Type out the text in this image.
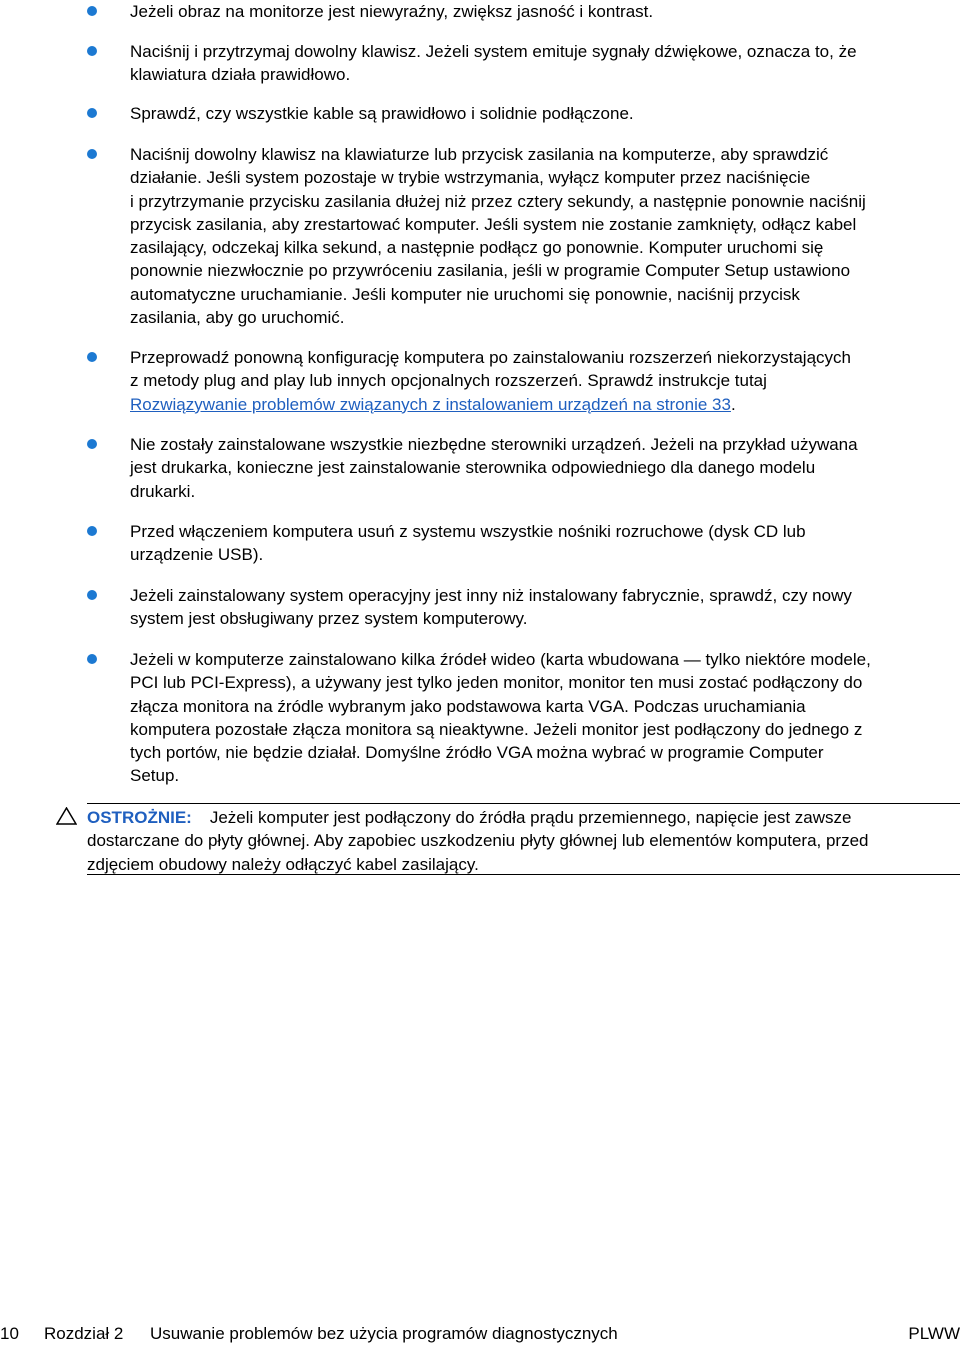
Jeżeli obraz na monitorze jest niewyraźny, zwiększ jasność i kontrast.
Naciśnij i przytrzymaj dowolny klawisz. Jeżeli system emituje sygnały dźwiękowe, oznacza to, że
klawiatura działa prawidłowo.
Sprawdź, czy wszystkie kable są prawidłowo i solidnie podłączone.
Naciśnij dowolny klawisz na klawiaturze lub przycisk zasilania na komputerze, aby sprawdzić
działanie. Jeśli system pozostaje w trybie wstrzymania, wyłącz komputer przez naciśnięcie
i przytrzymanie przycisku zasilania dłużej niż przez cztery sekundy, a następnie ponownie naciśnij
przycisk zasilania, aby zrestartować komputer. Jeśli system nie zostanie zamknięty, odłącz kabel
zasilający, odczekaj kilka sekund, a następnie podłącz go ponownie. Komputer uruchomi się
ponownie niezwłocznie po przywróceniu zasilania, jeśli w programie Computer Setup ustawiono
automatyczne uruchamianie. Jeśli komputer nie uruchomi się ponownie, naciśnij przycisk
zasilania, aby go uruchomić.
Przeprowadź ponowną konfigurację komputera po zainstalowaniu rozszerzeń niekorzystających
z metody plug and play lub innych opcjonalnych rozszerzeń. Sprawdź instrukcje tutaj
Rozwiązywanie problemów związanych z instalowaniem urządzeń na stronie 33.
Nie zostały zainstalowane wszystkie niezbędne sterowniki urządzeń. Jeżeli na przykład używana
jest drukarka, konieczne jest zainstalowanie sterownika odpowiedniego dla danego modelu
drukarki.
Przed włączeniem komputera usuń z systemu wszystkie nośniki rozruchowe (dysk CD lub
urządzenie USB).
Jeżeli zainstalowany system operacyjny jest inny niż instalowany fabrycznie, sprawdź, czy nowy
system jest obsługiwany przez system komputerowy.
Jeżeli w komputerze zainstalowano kilka źródeł wideo (karta wbudowana — tylko niektóre modele,
PCI lub PCI-Express), a używany jest tylko jeden monitor, monitor ten musi zostać podłączony do
złącza monitora na źródle wybranym jako podstawowa karta VGA. Podczas uruchamiania
komputera pozostałe złącza monitora są nieaktywne. Jeżeli monitor jest podłączony do jednego z
tych portów, nie będzie działał. Domyślne źródło VGA można wybrać w programie Computer
Setup.
OSTROŻNIE: Jeżeli komputer jest podłączony do źródła prądu przemiennego, napięcie jest zawsze
dostarczane do płyty głównej. Aby zapobiec uszkodzeniu płyty głównej lub elementów komputera, przed
zdjęciem obudowy należy odłączyć kabel zasilający.
10 Rozdział 2 Usuwanie problemów bez użycia programów diagnostycznych	PLWW
